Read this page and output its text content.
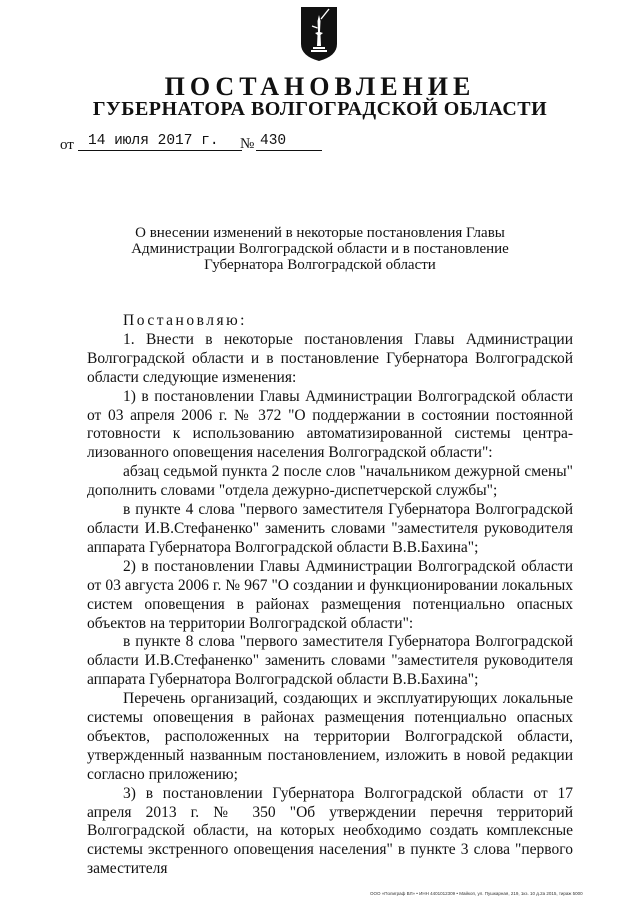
ПОСТАНОВЛЕНИЕ
ГУБЕРНАТОРА ВОЛГОГРАДСКОЙ ОБЛАСТИ
от 14 июля 2017 г.	№ 430

О внесении изменений в некоторые постановления Главы Администрации Волгоградской области и в постановление Губернатора Волгоградской области

Постановляю:

1. Внести в некоторые постановления Главы Администрации Волгоградской области и в постановление Губернатора Волгоградской области следующие изменения:

1) в постановлении Главы Администрации Волгоградской области от 03 апреля 2006 г. № 372 "О поддержании в состоянии постоянной готовности к использованию автоматизированной системы центра-лизованного оповещения населения Волгоградской области":

абзац седьмой пункта 2 после слов "начальником дежурной смены" дополнить словами "отдела дежурно-диспетчерской службы";

в пункте 4 слова "первого заместителя Губернатора Волгоградской области И.В.Стефаненко" заменить словами "заместителя руководителя аппарата Губернатора Волгоградской области В.В.Бахина";

2) в постановлении Главы Администрации Волгоградской области от 03 августа 2006 г. № 967 "О создании и функционировании локальных систем оповещения в районах размещения потенциально опасных объектов на территории Волгоградской области":

в пункте 8 слова "первого заместителя Губернатора Волгоградской области И.В.Стефаненко" заменить словами "заместителя руководителя аппарата Губернатора Волгоградской области В.В.Бахина";

Перечень организаций, создающих и эксплуатирующих локальные системы оповещения в районах размещения потенциально опасных объектов, расположенных на территории Волгоградской области, утвержденный названным постановлением, изложить в новой редакции согласно приложению;

3) в постановлении Губернатора Волгоградской области от 17 апреля 2013 г. № 350 "Об утверждении перечня территорий Волгоградской области, на которых необходимо создать комплексные системы экстренного оповещения населения" в пункте 3 слова "первого заместителя

ООО «Полиграф ВЛ» • ИНН 4401012309 • Майкоп, ул. Пушкарная, 219, 1кз. 10 д.2а 2015, тираж 5000
